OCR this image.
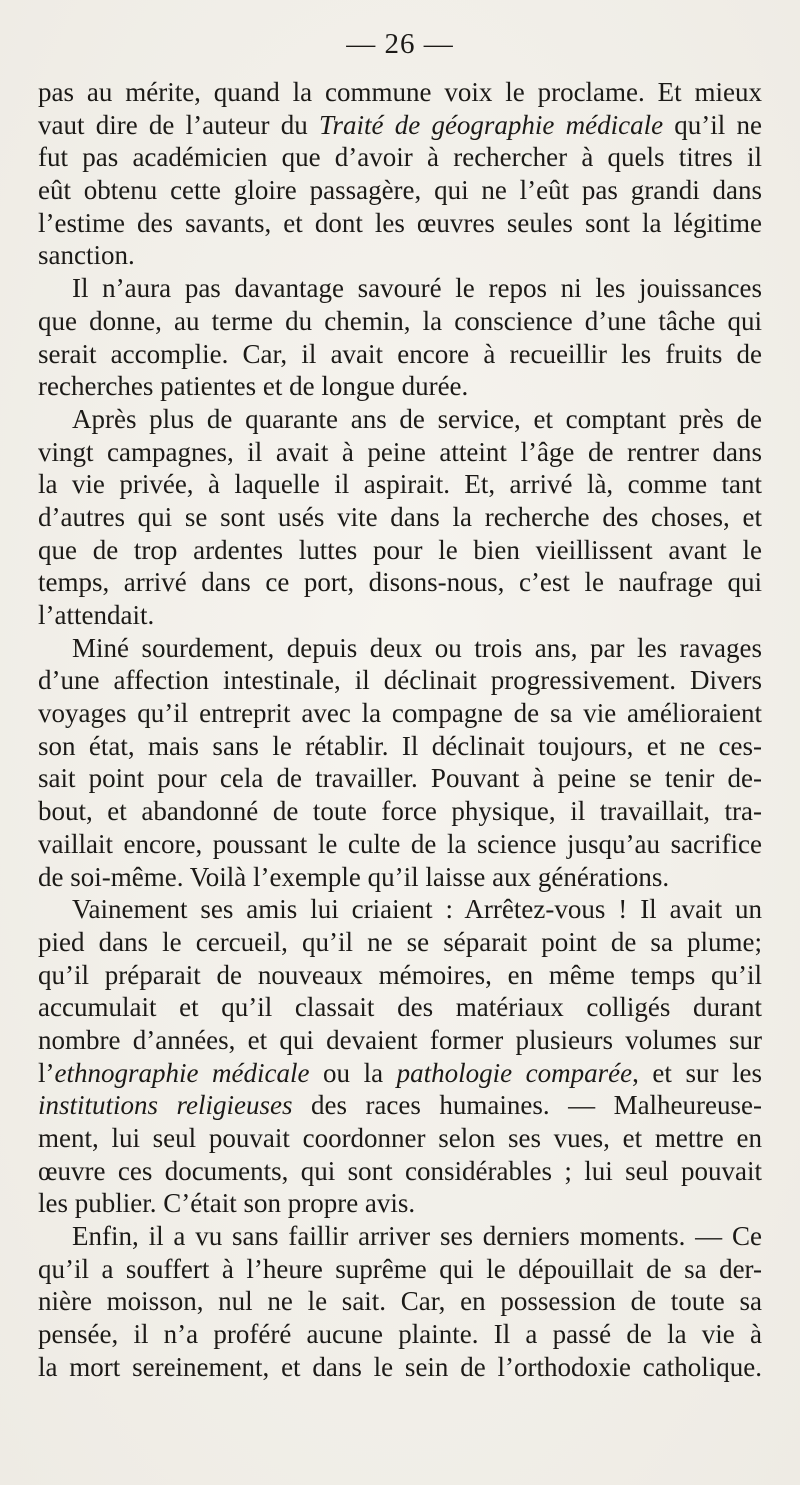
— 26 —
pas au mérite, quand la commune voix le proclame. Et mieux
vaut dire de l’auteur du Traité de géographie médicale qu’il ne
fut pas académicien que d’avoir à rechercher à quels titres il
eût obtenu cette gloire passagère, qui ne l’eût pas grandi dans
l’estime des savants, et dont les œuvres seules sont la légitime
sanction.
Il n’aura pas davantage savouré le repos ni les jouissances
que donne, au terme du chemin, la conscience d’une tâche qui
serait accomplie. Car, il avait encore à recueillir les fruits de
recherches patientes et de longue durée.
Après plus de quarante ans de service, et comptant près de
vingt campagnes, il avait à peine atteint l’âge de rentrer dans
la vie privée, à laquelle il aspirait. Et, arrivé là, comme tant
d’autres qui se sont usés vite dans la recherche des choses, et
que de trop ardentes luttes pour le bien vieillissent avant le
temps, arrivé dans ce port, disons-nous, c’est le naufrage qui
l’attendait.
Miné sourdement, depuis deux ou trois ans, par les ravages
d’une affection intestinale, il déclinait progressivement. Divers
voyages qu’il entreprit avec la compagne de sa vie amélioraient
son état, mais sans le rétablir. Il déclinait toujours, et ne ces-
sait point pour cela de travailler. Pouvant à peine se tenir de-
bout, et abandonné de toute force physique, il travaillait, tra-
vaillait encore, poussant le culte de la science jusqu’au sacrifice
de soi-même. Voilà l’exemple qu’il laisse aux générations.
Vainement ses amis lui criaient : Arrêtez-vous ! Il avait un
pied dans le cercueil, qu’il ne se séparait point de sa plume;
qu’il préparait de nouveaux mémoires, en même temps qu’il
accumulait et qu’il classait des matériaux colligés durant
nombre d’années, et qui devaient former plusieurs volumes sur
l’ethnographie médicale ou la pathologie comparée, et sur les
institutions religieuses des races humaines. — Malheureuse-
ment, lui seul pouvait coordonner selon ses vues, et mettre en
œuvre ces documents, qui sont considérables ; lui seul pouvait
les publier. C’était son propre avis.
Enfin, il a vu sans faillir arriver ses derniers moments. — Ce
qu’il a souffert à l’heure suprême qui le dépouillait de sa der-
nière moisson, nul ne le sait. Car, en possession de toute sa
pensée, il n’a proféré aucune plainte. Il a passé de la vie à
la mort sereinement, et dans le sein de l’orthodoxie catholique.
